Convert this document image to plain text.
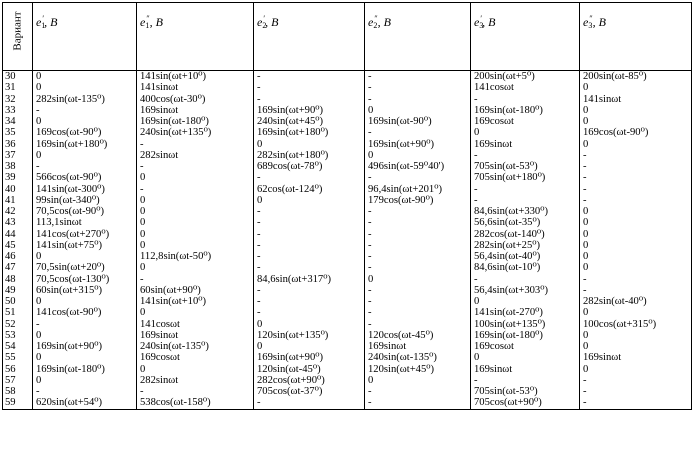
Вариант	e1′, B	e1″, B	e2′, B	e2″, B	e3′, B	e3″, B
30	0	141sin(ωt+10⁰)	-	-	200sin(ωt+5⁰)	200sin(ωt-85⁰)
31	0	141sinωt	-	-	141cosωt	0
32	282sin(ωt-135⁰)	400cos(ωt-30⁰)	-	-	-	141sinωt
33	-	169sinωt	169sin(ωt+90⁰)	0	169sin(ωt-180⁰)	0
34	0	169sin(ωt-180⁰)	240sin(ωt+45⁰)	169sin(ωt-90⁰)	169cosωt	0
35	169cos(ωt-90⁰)	240sin(ωt+135⁰)	169sin(ωt+180⁰)	-	0	169cos(ωt-90⁰)
36	169sin(ωt+180⁰)	-	0	169sin(ωt+90⁰)	169sinωt	0
37	0	282sinωt	282sin(ωt+180⁰)	0	-	-
38	-	-	689cos(ωt-78⁰)	496sin(ωt-59⁰40')	705sin(ωt-53⁰)	-
39	566cos(ωt-90⁰)	0	-	-	705sin(ωt+180⁰)	-
40	141sin(ωt-300⁰)	-	62cos(ωt-124⁰)	96,4sin(ωt+201⁰)	-	-
41	99sin(ωt-340⁰)	0	0	179cos(ωt-90⁰)	-	-
42	70,5cos(ωt-90⁰)	0	-	-	84,6sin(ωt+330⁰)	0
43	113,1sinωt	0	-	-	56,6sin(ωt-35⁰)	0
44	141cos(ωt+270⁰)	0	-	-	282cos(ωt-140⁰)	0
45	141sin(ωt+75⁰)	0	-	-	282sin(ωt+25⁰)	0
46	0	112,8sin(ωt-50⁰)	-	-	56,4sin(ωt-40⁰)	0
47	70,5sin(ωt+20⁰)	0	-	-	84,6sin(ωt-10⁰)	0
48	70,5cos(ωt-130⁰)	-	84,6sin(ωt+317⁰)	0	-	-
49	60sin(ωt+315⁰)	60sin(ωt+90⁰)	-	-	56,4sin(ωt+303⁰)	-
50	0	141sin(ωt+10⁰)	-	-	0	282sin(ωt-40⁰)
51	141cos(ωt-90⁰)	0	-	-	141sin(ωt-270⁰)	0
52	-	141cosωt	0	-	100sin(ωt+135⁰)	100cos(ωt+315⁰)
53	0	169sinωt	120sin(ωt+135⁰)	120cos(ωt-45⁰)	169sin(ωt-180⁰)	0
54	169sin(ωt+90⁰)	240sin(ωt-135⁰)	0	169sinωt	169cosωt	0
55	0	169cosωt	169sin(ωt+90⁰)	240sin(ωt-135⁰)	0	169sinωt
56	169sin(ωt-180⁰)	0	120sin(ωt-45⁰)	120sin(ωt+45⁰)	169sinωt	0
57	0	282sinωt	282cos(ωt+90⁰)	0	-	-
58	-	-	705cos(ωt-37⁰)	-	705sin(ωt-53⁰)	-
59	620sin(ωt+54⁰)	538cos(ωt-158⁰)	-	-	705cos(ωt+90⁰)	-
